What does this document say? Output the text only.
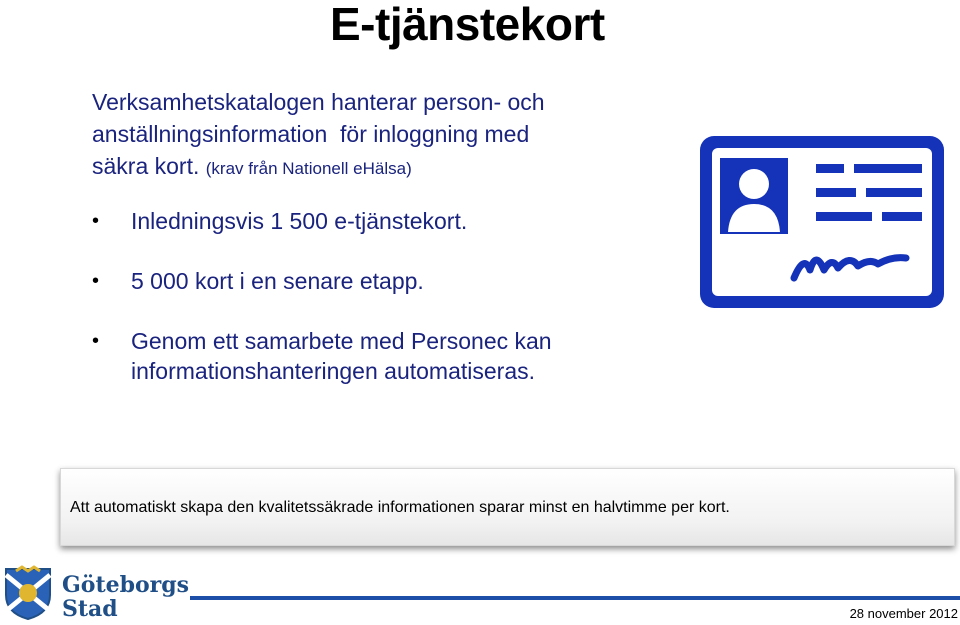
E-tjänstekort
Verksamhetskatalogen hanterar person- och
anställningsinformation  för inloggning med
säkra kort. (krav från Nationell eHälsa)
• Inledningsvis 1 500 e-tjänstekort.
• 5 000 kort i en senare etapp.
• Genom ett samarbete med Personec kan informationshanteringen automatiseras.
Att automatiskt skapa den kvalitetssäkrade informationen sparar minst en halvtimme per kort.
Göteborgs
Stad	28 november 2012
